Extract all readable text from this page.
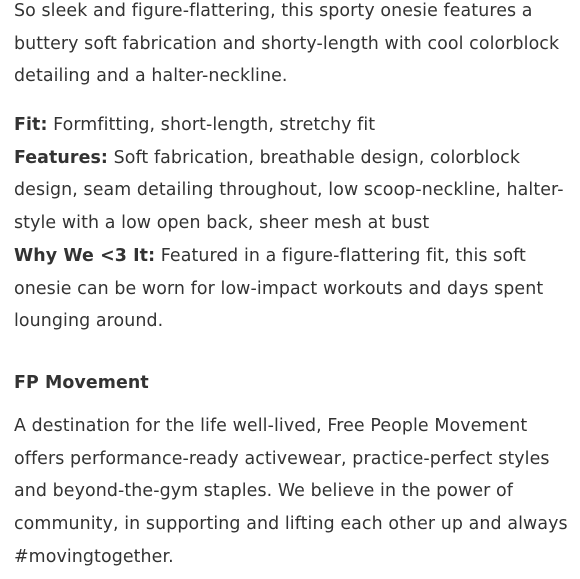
So sleek and figure-flattering, this sporty onesie features a buttery soft fabrication and shorty-length with cool colorblock detailing and a halter-neckline.

Fit: Formfitting, short-length, stretchy fit

Features: Soft fabrication, breathable design, colorblock design, seam detailing throughout, low scoop-neckline, halter-style with a low open back, sheer mesh at bust

Why We <3 It: Featured in a figure-flattering fit, this soft onesie can be worn for low-impact workouts and days spent lounging around.

FP Movement

A destination for the life well-lived, Free People Movement offers performance-ready activewear, practice-perfect styles and beyond-the-gym staples. We believe in the power of community, in supporting and lifting each other up and always #movingtogether.
